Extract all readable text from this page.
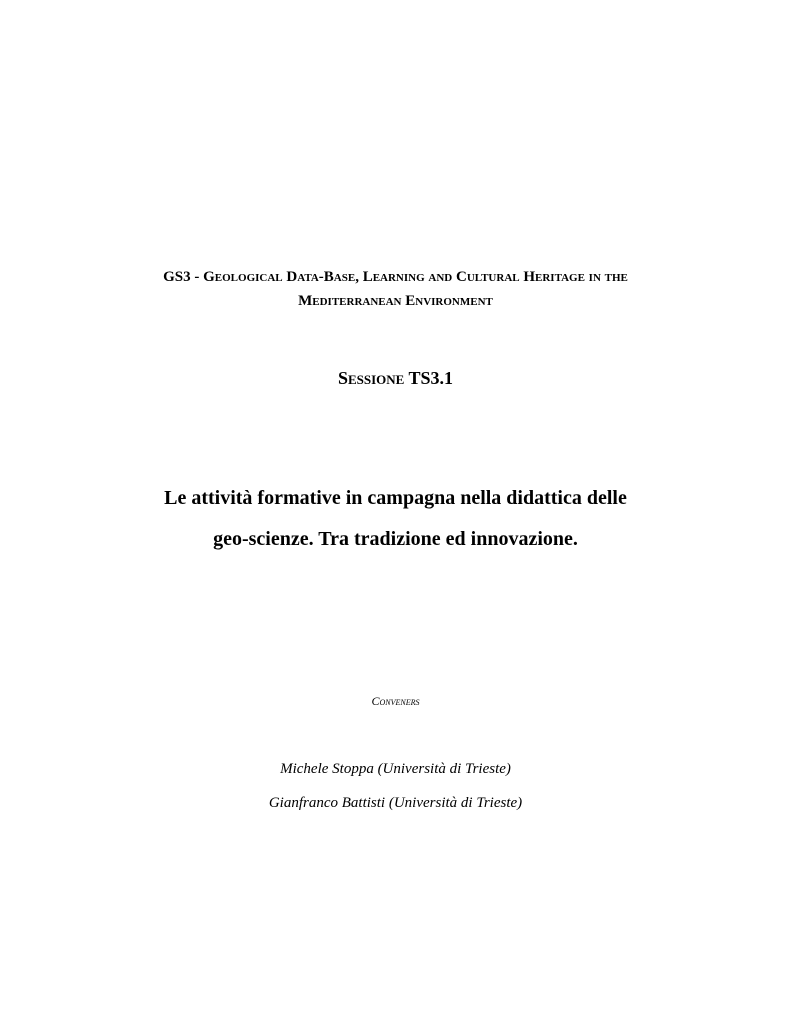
GS3 - Geological Data-Base, Learning and Cultural Heritage in the
Mediterranean Environment
Sessione TS3.1
Le attività formative in campagna nella didattica delle
geo-scienze. Tra tradizione ed innovazione.
Conveners
Michele Stoppa (Università di Trieste)
Gianfranco Battisti (Università di Trieste)
